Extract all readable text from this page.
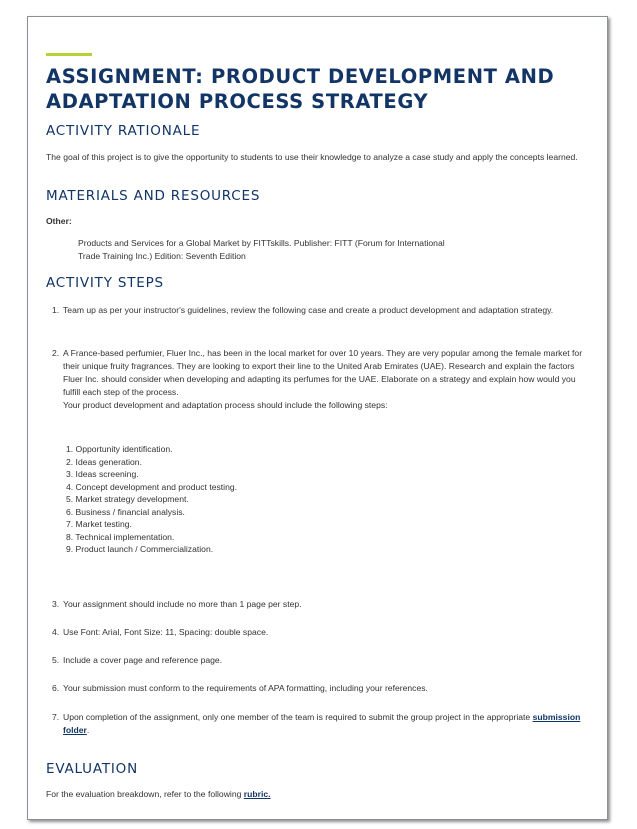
ASSIGNMENT: PRODUCT DEVELOPMENT AND ADAPTATION PROCESS STRATEGY
ACTIVITY RATIONALE

The goal of this project is to give the opportunity to students to use their knowledge to analyze a case study and apply the concepts learned.

MATERIALS AND RESOURCES

Other:

Products and Services for a Global Market by FITTskills. Publisher: FITT (Forum for International

Trade Training Inc.) Edition: Seventh Edition

ACTIVITY STEPS
1. Team up as per your instructor's guidelines, review the following case and create a product development and adaptation strategy.
2. A France-based perfumier, Fluer Inc., has been in the local market for over 10 years. They are very popular among the female market for their unique fruity fragrances. They are looking to export their line to the United Arab Emirates (UAE). Research and explain the factors Fluer Inc. should consider when developing and adapting its perfumes for the UAE. Elaborate on a strategy and explain how would you fulfill each step of the process.
Your product development and adaptation process should include the following steps:
1. Opportunity identification.
2. Ideas generation.
3. Ideas screening.
4. Concept development and product testing.
5. Market strategy development.
6. Business / financial analysis.
7. Market testing.
8. Technical implementation.
9. Product launch / Commercialization.
3. Your assignment should include no more than 1 page per step.
4. Use Font: Arial, Font Size: 11, Spacing: double space.
5. Include a cover page and reference page.
6. Your submission must conform to the requirements of APA formatting, including your references.
7. Upon completion of the assignment, only one member of the team is required to submit the group project in the appropriate submission folder.
EVALUATION

For the evaluation breakdown, refer to the following rubric.
